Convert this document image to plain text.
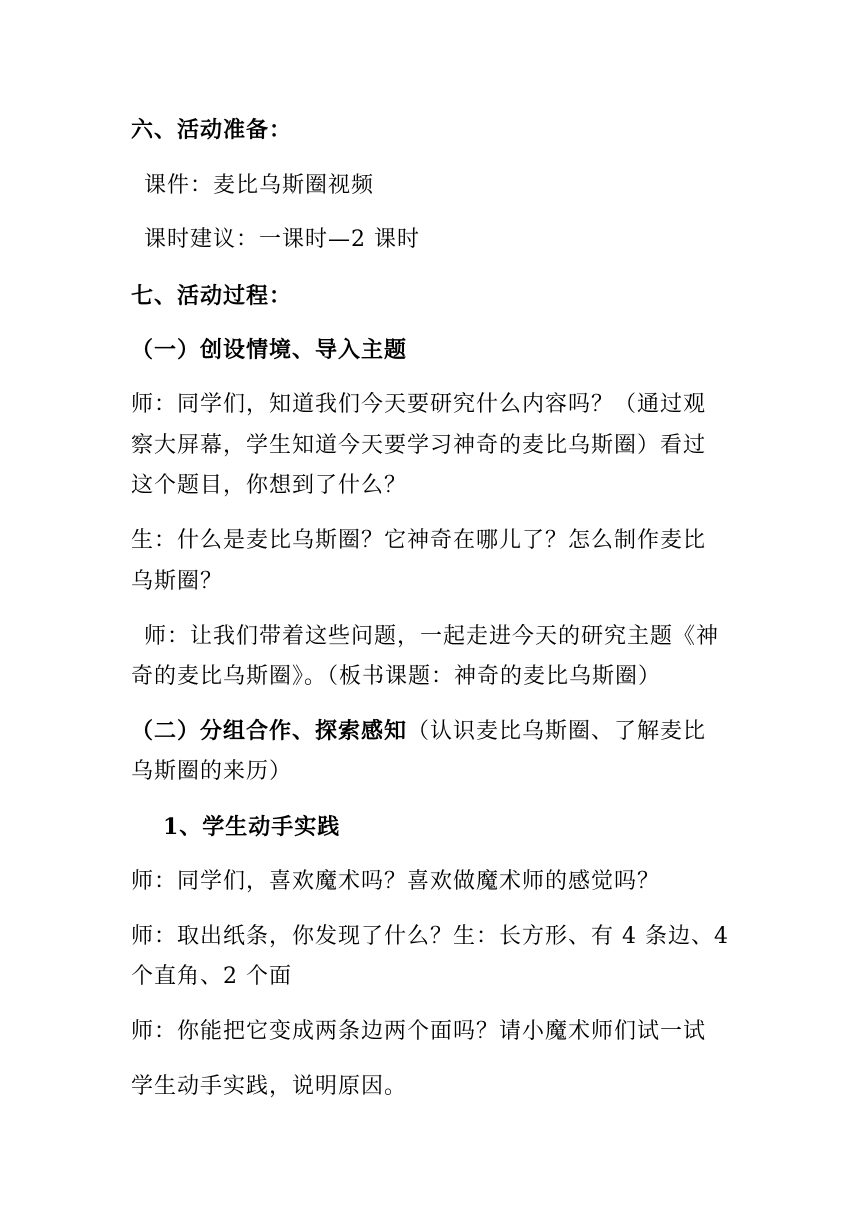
六、活动准备：
课件：麦比乌斯圈视频
课时建议：一课时—2 课时
七、活动过程：
（一）创设情境、导入主题
师：同学们，知道我们今天要研究什么内容吗？（通过观
察大屏幕，学生知道今天要学习神奇的麦比乌斯圈）看过
这个题目，你想到了什么？
生：什么是麦比乌斯圈？它神奇在哪儿了？怎么制作麦比
乌斯圈？
师：让我们带着这些问题，一起走进今天的研究主题《神
奇的麦比乌斯圈》。（板书课题：神奇的麦比乌斯圈）
（二）分组合作、探索感知（认识麦比乌斯圈、了解麦比
乌斯圈的来历）
1、学生动手实践
师：同学们，喜欢魔术吗？喜欢做魔术师的感觉吗？
师：取出纸条，你发现了什么？生：长方形、有 4 条边、4
个直角、2 个面
师：你能把它变成两条边两个面吗？请小魔术师们试一试
学生动手实践，说明原因。
